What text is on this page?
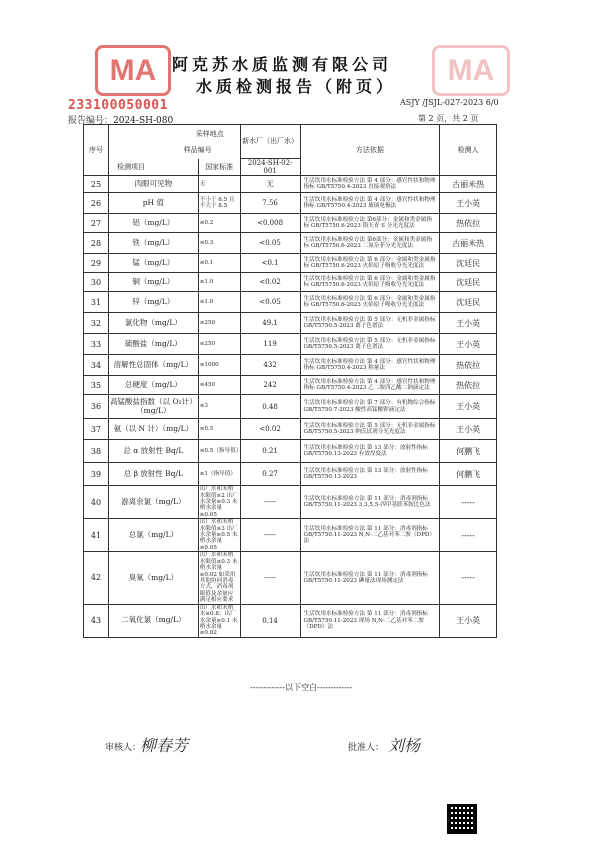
MA	MA
阿克苏水质监测有限公司
水质检测报告（附页）
233100050001
报告编号：2024-SH-080
ASJY /JSJL-027-2023 6/0
第 2 页，共 2 页
序号	采样地点		新水厂（出厂水）	方法依据	检测人
	样品编号				
	检测项目	国家标准	2024-SH-02-001		
25	肉眼可见物	无	无	生活饮用水标准检验方法 第 4 部分：感官性状和物理指标 GB/T5750.4-2023 直接观察法	古丽米热
26	pH 值	不小于 6.5 且不大于 8.5	7.56	生活饮用水标准检验方法 第 4 部分：感官性状和物理指标 GB/T5750.4-2023 玻璃电极法	王小英
27	铝（mg/L）	≤0.2	<0.008	生活饮用水标准检验方法 第6部分：金属和类金属指标 GB/T5750.6-2023 铬天青 S 分光光度法	热依拉
28	铁（mg/L）	≤0.3	<0.05	生活饮用水标准检验方法 第6部分：金属和类金属指标 GB/T5750.6-2023 二氮杂菲分光光度法	古丽米热
29	锰（mg/L）	≤0.1	<0.1	生活饮用水标准检验方法 第 6 部分：金属和类金属指标 GB/T5750.6-2023 火焰原子吸收分光光度法	沈廷民
30	铜（mg/L）	≤1.0	<0.02	生活饮用水标准检验方法 第 6 部分：金属和类金属指标 GB/T5750.6-2023 火焰原子吸收分光光度法	沈廷民
31	锌（mg/L）	≤1.0	<0.05	生活饮用水标准检验方法 第 6 部分：金属和类金属指标 GB/T5750.6-2023 火焰原子吸收分光光度法	沈廷民
32	氯化物（mg/L）	≤250	49.1	生活饮用水标准检验方法 第 5 部分：无机非金属指标 GB/T5750.5-2023 离子色谱法	王小英
33	硫酸盐（mg/L）	≤250	119	生活饮用水标准检验方法 第 5 部分：无机非金属指标 GB/T5750.5-2023 离子色谱法	王小英
34	溶解性总固体（mg/L）	≤1000	432	生活饮用水标准检验方法 第 4 部分：感官性状和物理指标 GB/T5750.4-2023 称量法	热依拉
35	总硬度（mg/L）	≤450	242	生活饮用水标准检验方法 第 4 部分：感官性状和物理指标 GB/T5750.4-2023 乙二胺四乙酸二钠滴定法	热依拉
36	高锰酸盐指数（以 O₂计）（mg/L）	≤3	0.48	生活饮用水标准检验方法 第 7 部分：有机物综合指标 GB/T5750.7-2023 酸性高锰酸钾滴定法	王小英
37	氨（以 N 计）（mg/L）	≤0.5	<0.02	生活饮用水标准检验方法 第 5 部分：无机非金属指标 GB/T5750.5-2023 纳氏试剂分光光度法	王小英
38	总 α 放射性 Bq/L	≤0.5（指导值）	0.21	生活饮用水标准检验方法 第 13 部分：放射性指标 GB/T5750.13-2023 有效厚度法	何鹏飞
39	总 β 放射性 Bq/L	≤1（指导值）	0.27	生活饮用水标准检验方法 第 13 部分：放射性指标 GB/T5750.13-2023	何鹏飞
40	游离余氯（mg/L）	出厂水和末梢水限值≤2 出厂水余量≥0.3 末梢水余量≥0.05	-----	生活饮用水标准检验方法 第 11 部分：消毒剂指标 GB/T5750.11-2023 3,3,5,5-四甲基联苯胺比色法	-----
41	总氯（mg/L）	出厂水和末梢水限值≤3 出厂水余量≥0.5 末梢水余量≥0.05	-----	生活饮用水标准检验方法 第 11 部分：消毒剂指标 GB/T5750.11-2023 N,N-二乙基对苯二胺（DPD）法	-----
42	臭氧（mg/L）	出厂水和末梢水限值≤0.3 末梢水余量≥0.02 如采用其他协同消毒方式，消毒剂限值及余量应满足相应要求	-----	生活饮用水标准检验方法 第 11 部分：消毒剂指标 GB/T5750.11-2023 碘量法现场测定法	-----
43	二氧化氯（mg/L）	出厂水和末梢水≤0.8；出厂水余量≥0.1 末梢水余量≥0.02	0.14	生活饮用水标准检验方法 第 11 部分：消毒剂指标 GB/T5750.11-2023 现场 N,N-二乙基对苯二胺（DPD）法	王小英
-------------以下空白-------------
审核人：
柳春芳	批准人： 刘杨
